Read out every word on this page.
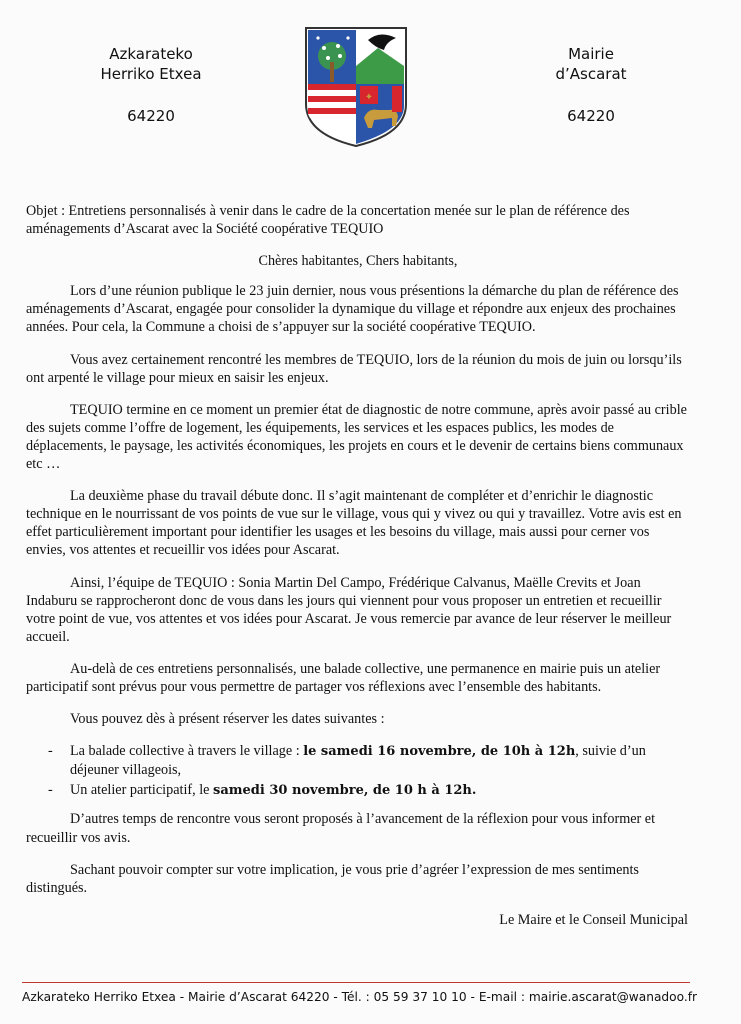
Azkarateko
Herriko Etxea
64220
✦
Mairie
d’Ascarat
64220

Objet : Entretiens personnalisés à venir dans le cadre de la concertation menée sur le plan de référence des aménagements d’Ascarat avec la Société coopérative TEQUIO

Chères habitantes, Chers habitants,

Lors d’une réunion publique le 23 juin dernier, nous vous présentions la démarche du plan de référence des aménagements d’Ascarat, engagée pour consolider la dynamique du village et répondre aux enjeux des prochaines années. Pour cela, la Commune a choisi de s’appuyer sur la société coopérative TEQUIO.

Vous avez certainement rencontré les membres de TEQUIO, lors de la réunion du mois de juin ou lorsqu’ils ont arpenté le village pour mieux en saisir les enjeux.

TEQUIO termine en ce moment un premier état de diagnostic de notre commune, après avoir passé au crible des sujets comme l’offre de logement, les équipements, les services et les espaces publics, les modes de déplacements, le paysage, les activités économiques, les projets en cours et le devenir de certains biens communaux etc …

La deuxième phase du travail débute donc. Il s’agit maintenant de compléter et d’enrichir le diagnostic technique en le nourrissant de vos points de vue sur le village, vous qui y vivez ou qui y travaillez. Votre avis est en effet particulièrement important pour identifier les usages et les besoins du village, mais aussi pour cerner vos envies, vos attentes et recueillir vos idées pour Ascarat.

Ainsi, l’équipe de TEQUIO : Sonia Martin Del Campo, Frédérique Calvanus, Maëlle Crevits et Joan Indaburu se rapprocheront donc de vous dans les jours qui viennent pour vous proposer un entretien et recueillir votre point de vue, vos attentes et vos idées pour Ascarat. Je vous remercie par avance de leur réserver le meilleur accueil.

Au-delà de ces entretiens personnalisés, une balade collective, une permanence en mairie puis un atelier participatif sont prévus pour vous permettre de partager vos réflexions avec l’ensemble des habitants.

Vous pouvez dès à présent réserver les dates suivantes :

- La balade collective à travers le village : le samedi 16 novembre, de 10h à 12h, suivie d’un déjeuner villageois,
- Un atelier participatif, le samedi 30 novembre, de 10 h à 12h.

D’autres temps de rencontre vous seront proposés à l’avancement de la réflexion pour vous informer et recueillir vos avis.

Sachant pouvoir compter sur votre implication, je vous prie d’agréer l’expression de mes sentiments distingués.

Le Maire et le Conseil Municipal

Azkarateko Herriko Etxea - Mairie d’Ascarat 64220 - Tél. : 05 59 37 10 10 - E-mail : mairie.ascarat@wanadoo.fr
